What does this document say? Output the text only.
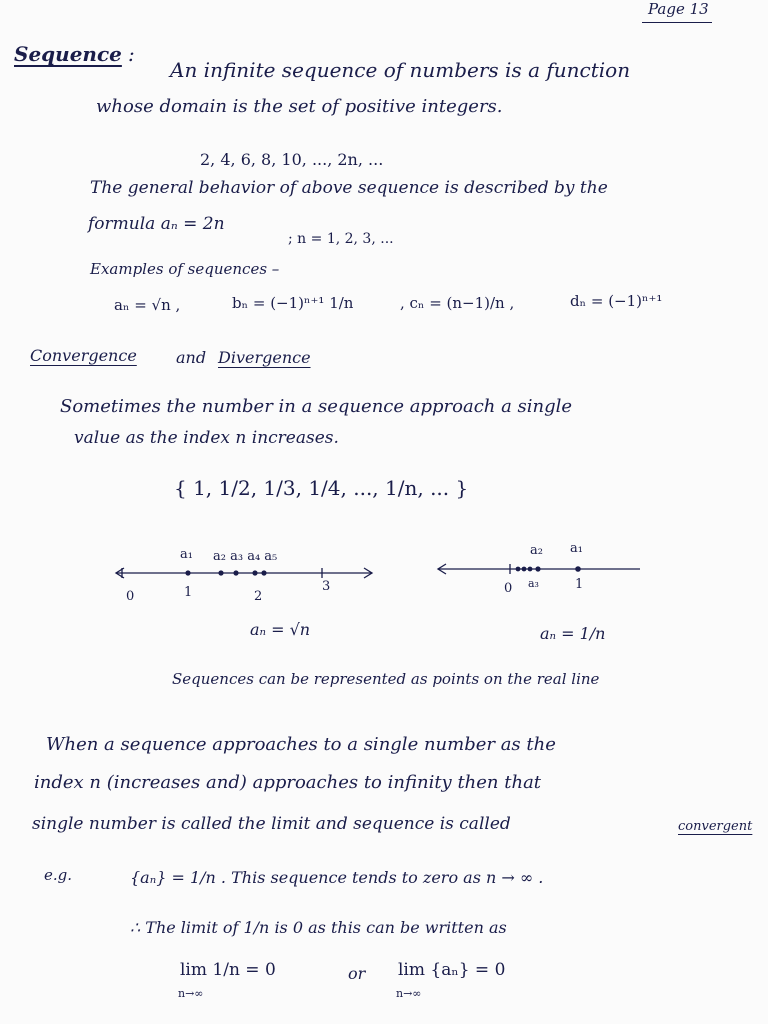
Page 13
Sequence :
An infinite sequence of numbers is a function
whose domain is the set of positive integers.
2, 4, 6, 8, 10, ..., 2n, ...
The general behavior of above sequence is described by the
formula aₙ = 2n
; n = 1, 2, 3, ...
Examples of sequences –
aₙ = √n ,	bₙ = (−1)ⁿ⁺¹ 1/n	, cₙ = (n−1)/n ,	dₙ = (−1)ⁿ⁺¹
Convergence and Divergence
Sometimes the number in a sequence approach a single
value as the index n increases.
{ 1, 1/2, 1/3, 1/4, ..., 1/n, ... }
a₁ a₂ a₃ a₄ a₅
0	1	2
3
aₙ = √n
a₂ a₁
a₃
0	1
aₙ = 1/n
Sequences can be represented as points on the real line
When a sequence approaches to a single number as the
index n (increases and) approaches to infinity then that
single number is called the limit and sequence is called	convergent
e.g.	{aₙ} = 1/n . This sequence tends to zero as n → ∞ .
∴ The limit of 1/n is 0 as this can be written as
lim 1/n = 0
n→∞
or lim {aₙ} = 0
n→∞
